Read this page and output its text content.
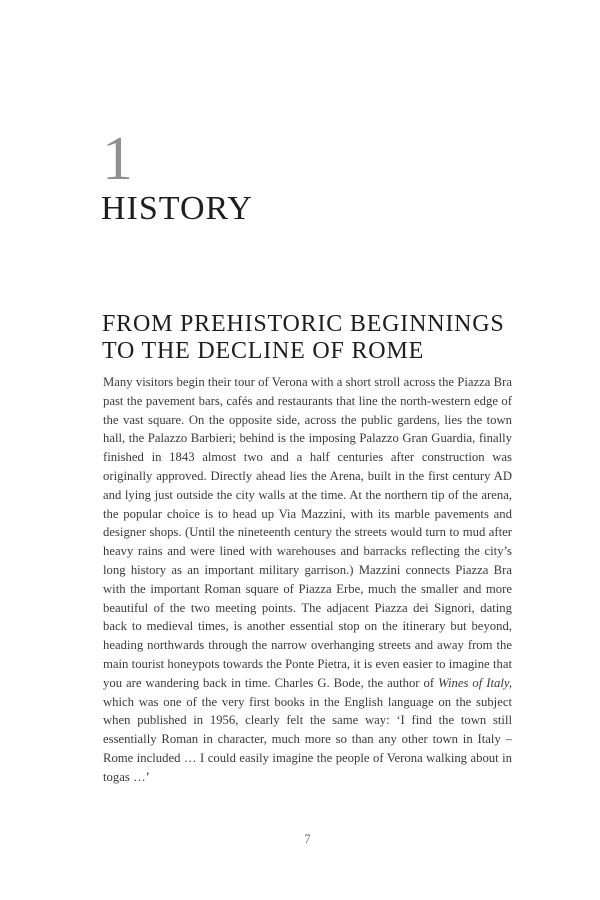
1
HISTORY
FROM PREHISTORIC BEGINNINGS
TO THE DECLINE OF ROME

Many visitors begin their tour of Verona with a short stroll across the Piazza Bra past the pavement bars, cafés and restaurants that line the north-western edge of the vast square. On the opposite side, across the public gardens, lies the town hall, the Palazzo Barbieri; behind is the imposing Palazzo Gran Guardia, finally finished in 1843 almost two and a half centuries after construction was originally approved. Directly ahead lies the Arena, built in the first century AD and lying just outside the city walls at the time. At the northern tip of the arena, the popular choice is to head up Via Mazzini, with its marble pavements and designer shops. (Until the nineteenth century the streets would turn to mud after heavy rains and were lined with warehouses and barracks reflecting the city’s long history as an important military garrison.) Mazzini connects Piazza Bra with the important Roman square of Piazza Erbe, much the smaller and more beautiful of the two meeting points. The adjacent Piazza dei Signori, dating back to medieval times, is another essential stop on the itinerary but beyond, heading northwards through the narrow overhanging streets and away from the main tourist honeypots towards the Ponte Pietra, it is even easier to imagine that you are wandering back in time. Charles G. Bode, the author of Wines of Italy, which was one of the very first books in the English language on the subject when published in 1956, clearly felt the same way: ‘I find the town still essentially Roman in character, much more so than any other town in Italy – Rome included … I could easily imagine the people of Verona walking about in togas …’

7
